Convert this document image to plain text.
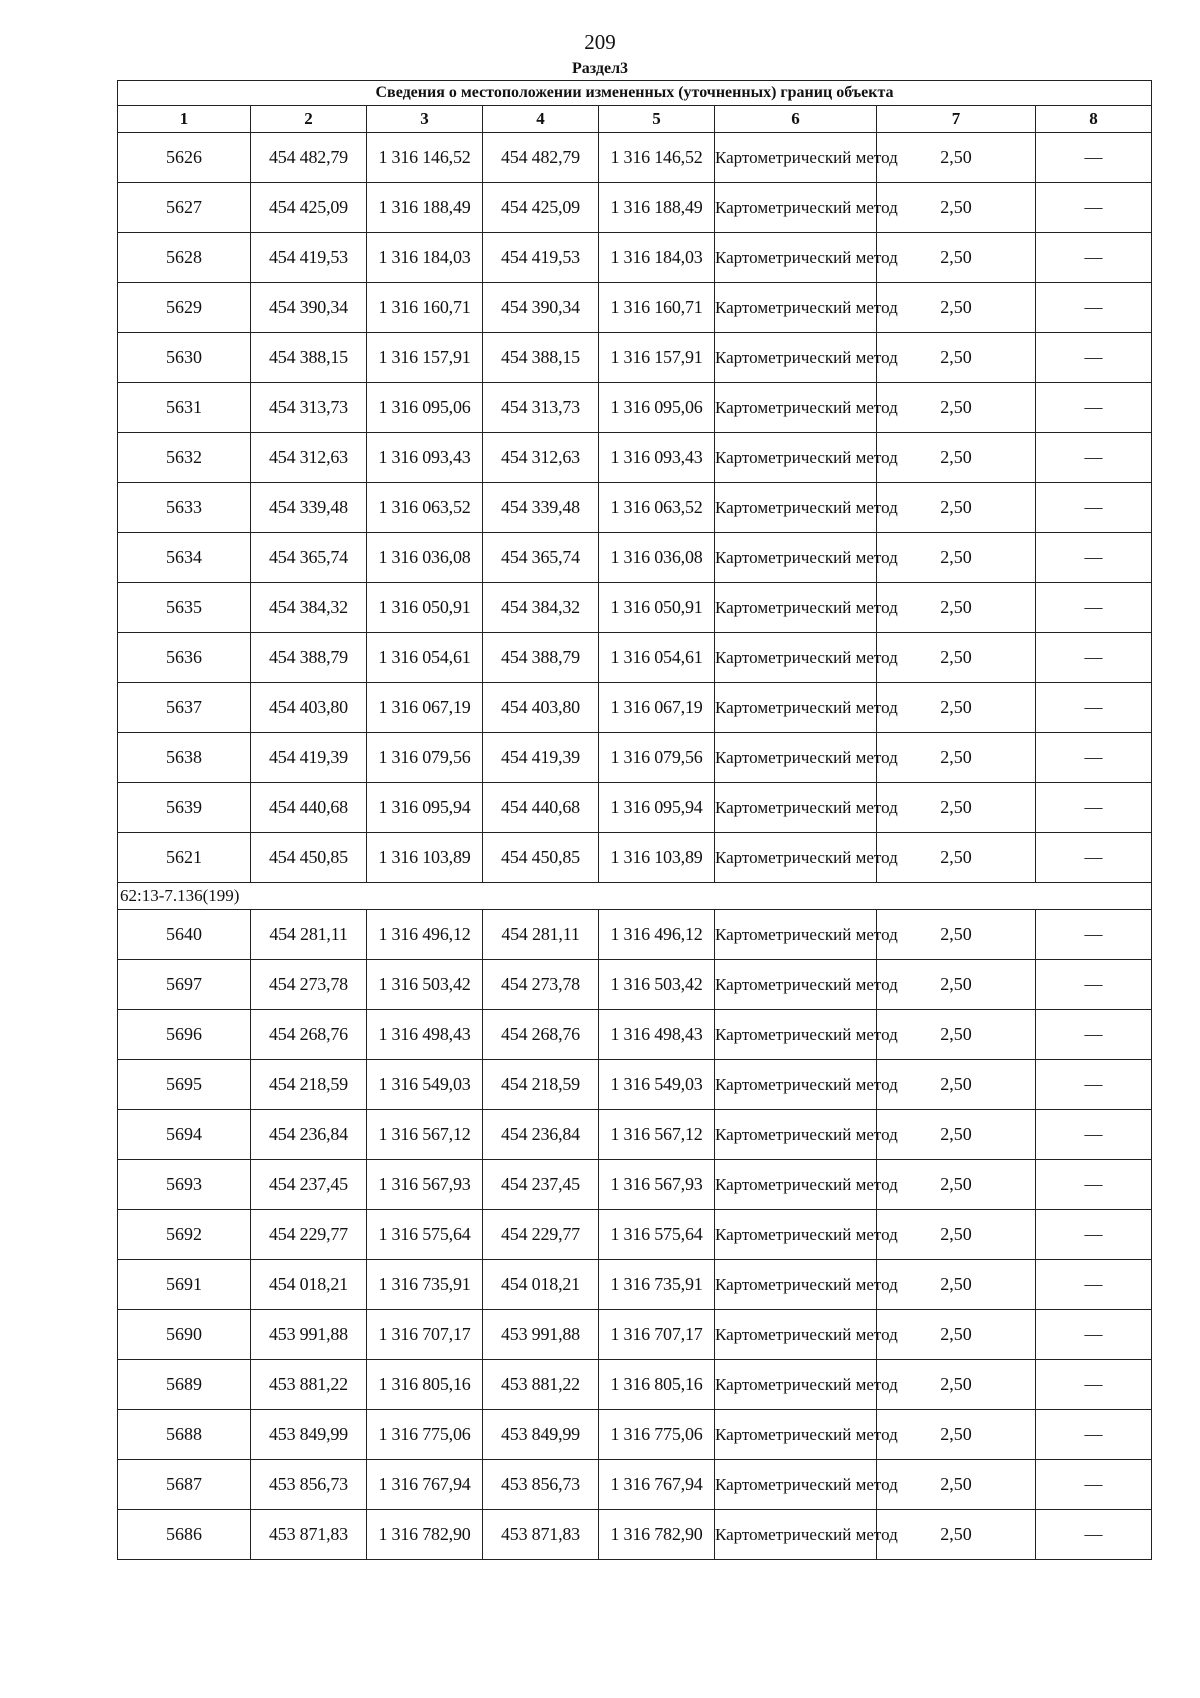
209
Раздел3
Сведения о местоположении измененных (уточненных) границ объекта							
1	2	3	4	5	6	7	8
5626	454 482,79	1 316 146,52	454 482,79	1 316 146,52	Картометрический метод	2,50	—
5627	454 425,09	1 316 188,49	454 425,09	1 316 188,49	Картометрический метод	2,50	—
5628	454 419,53	1 316 184,03	454 419,53	1 316 184,03	Картометрический метод	2,50	—
5629	454 390,34	1 316 160,71	454 390,34	1 316 160,71	Картометрический метод	2,50	—
5630	454 388,15	1 316 157,91	454 388,15	1 316 157,91	Картометрический метод	2,50	—
5631	454 313,73	1 316 095,06	454 313,73	1 316 095,06	Картометрический метод	2,50	—
5632	454 312,63	1 316 093,43	454 312,63	1 316 093,43	Картометрический метод	2,50	—
5633	454 339,48	1 316 063,52	454 339,48	1 316 063,52	Картометрический метод	2,50	—
5634	454 365,74	1 316 036,08	454 365,74	1 316 036,08	Картометрический метод	2,50	—
5635	454 384,32	1 316 050,91	454 384,32	1 316 050,91	Картометрический метод	2,50	—
5636	454 388,79	1 316 054,61	454 388,79	1 316 054,61	Картометрический метод	2,50	—
5637	454 403,80	1 316 067,19	454 403,80	1 316 067,19	Картометрический метод	2,50	—
5638	454 419,39	1 316 079,56	454 419,39	1 316 079,56	Картометрический метод	2,50	—
5639	454 440,68	1 316 095,94	454 440,68	1 316 095,94	Картометрический метод	2,50	—
5621	454 450,85	1 316 103,89	454 450,85	1 316 103,89	Картометрический метод	2,50	—
62:13-7.136(199)							
5640	454 281,11	1 316 496,12	454 281,11	1 316 496,12	Картометрический метод	2,50	—
5697	454 273,78	1 316 503,42	454 273,78	1 316 503,42	Картометрический метод	2,50	—
5696	454 268,76	1 316 498,43	454 268,76	1 316 498,43	Картометрический метод	2,50	—
5695	454 218,59	1 316 549,03	454 218,59	1 316 549,03	Картометрический метод	2,50	—
5694	454 236,84	1 316 567,12	454 236,84	1 316 567,12	Картометрический метод	2,50	—
5693	454 237,45	1 316 567,93	454 237,45	1 316 567,93	Картометрический метод	2,50	—
5692	454 229,77	1 316 575,64	454 229,77	1 316 575,64	Картометрический метод	2,50	—
5691	454 018,21	1 316 735,91	454 018,21	1 316 735,91	Картометрический метод	2,50	—
5690	453 991,88	1 316 707,17	453 991,88	1 316 707,17	Картометрический метод	2,50	—
5689	453 881,22	1 316 805,16	453 881,22	1 316 805,16	Картометрический метод	2,50	—
5688	453 849,99	1 316 775,06	453 849,99	1 316 775,06	Картометрический метод	2,50	—
5687	453 856,73	1 316 767,94	453 856,73	1 316 767,94	Картометрический метод	2,50	—
5686	453 871,83	1 316 782,90	453 871,83	1 316 782,90	Картометрический метод	2,50	—
